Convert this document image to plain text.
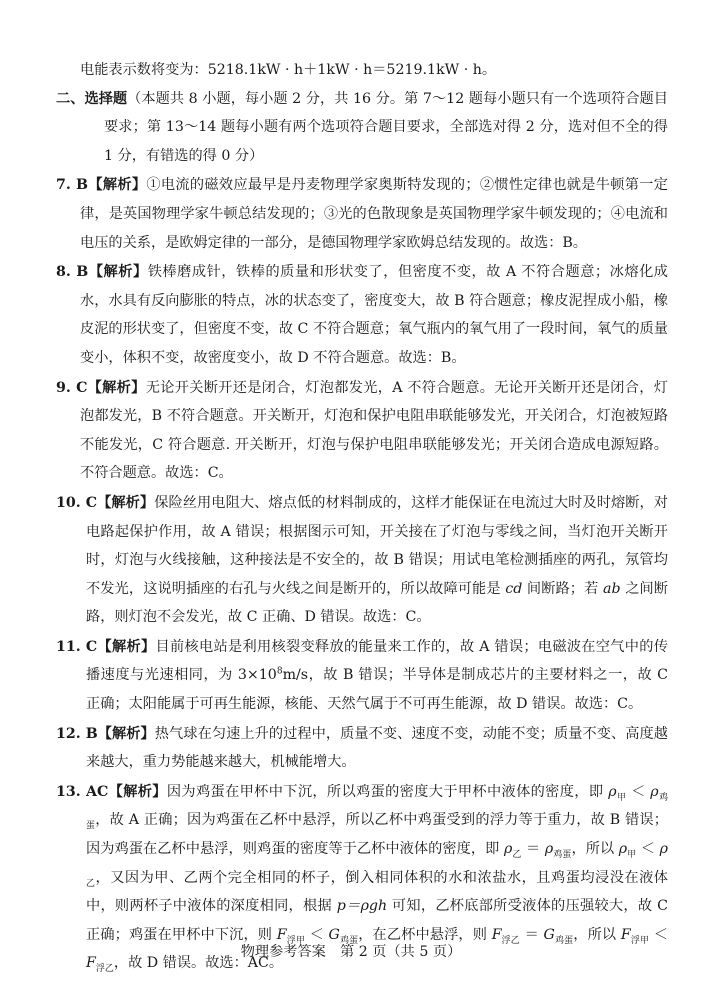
电能表示数将变为：5218.1kW · h＋1kW · h＝5219.1kW · h。

二、选择题（本题共 8 小题，每小题 2 分，共 16 分。第 7～12 题每小题只有一个选项符合题目要求；第 13～14 题每小题有两个选项符合题目要求，全部选对得 2 分，选对但不全的得 1 分，有错选的得 0 分）

7. B【解析】①电流的磁效应最早是丹麦物理学家奥斯特发现的；②惯性定律也就是牛顿第一定律，是英国物理学家牛顿总结发现的；③光的色散现象是英国物理学家牛顿发现的；④电流和电压的关系，是欧姆定律的一部分，是德国物理学家欧姆总结发现的。故选：B。

8. B【解析】铁棒磨成针，铁棒的质量和形状变了，但密度不变，故 A 不符合题意；冰熔化成水，水具有反向膨胀的特点，冰的状态变了，密度变大，故 B 符合题意；橡皮泥捏成小船，橡皮泥的形状变了，但密度不变，故 C 不符合题意；氧气瓶内的氧气用了一段时间，氧气的质量变小，体积不变，故密度变小，故 D 不符合题意。故选：B。

9. C【解析】无论开关断开还是闭合，灯泡都发光，A 不符合题意。无论开关断开还是闭合，灯泡都发光，B 不符合题意。开关断开，灯泡和保护电阻串联能够发光，开关闭合，灯泡被短路不能发光，C 符合题意. 开关断开，灯泡与保护电阻串联能够发光；开关闭合造成电源短路。不符合题意。故选：C。

10. C【解析】保险丝用电阻大、熔点低的材料制成的，这样才能保证在电流过大时及时熔断，对电路起保护作用，故 A 错误；根据图示可知，开关接在了灯泡与零线之间，当灯泡开关断开时，灯泡与火线接触，这种接法是不安全的，故 B 错误；用试电笔检测插座的两孔，氖管均不发光，这说明插座的右孔与火线之间是断开的，所以故障可能是 cd 间断路；若 ab 之间断路，则灯泡不会发光，故 C 正确、D 错误。故选：C。

11. C【解析】目前核电站是利用核裂变释放的能量来工作的，故 A 错误；电磁波在空气中的传播速度与光速相同，为 $3\times 10^8m/s$，故 B 错误；半导体是制成芯片的主要材料之一，故 C 正确；太阳能属于可再生能源，核能、天然气属于不可再生能源，故 D 错误。故选：C。

12. B【解析】热气球在匀速上升的过程中，质量不变、速度不变，动能不变；质量不变、高度越来越大，重力势能越来越大，机械能增大。

13. AC【解析】因为鸡蛋在甲杯中下沉，所以鸡蛋的密度大于甲杯中液体的密度，即 $\rho_甲 < \rho_{鸡蛋}$，故 A 正确；因为鸡蛋在乙杯中悬浮，所以乙杯中鸡蛋受到的浮力等于重力，故 B 错误；因为鸡蛋在乙杯中悬浮，则鸡蛋的密度等于乙杯中液体的密度，即 $\rho_乙 = \rho_{鸡蛋}$，所以 $\rho_甲 < \rho_乙$，又因为甲、乙两个完全相同的杯子，倒入相同体积的水和浓盐水，且鸡蛋均浸没在液体中，则两杯子中液体的深度相同，根据 p＝ρgh 可知，乙杯底部所受液体的压强较大，故 C 正确；鸡蛋在甲杯中下沉，则 $F_{浮甲} < G_{鸡蛋}$，在乙杯中悬浮，则 $F_{浮乙} = G_{鸡蛋}$，所以 $F_{浮甲} < F_{浮乙}$，故 D 错误。故选：AC。

物理参考答案　第 2 页（共 5 页）
